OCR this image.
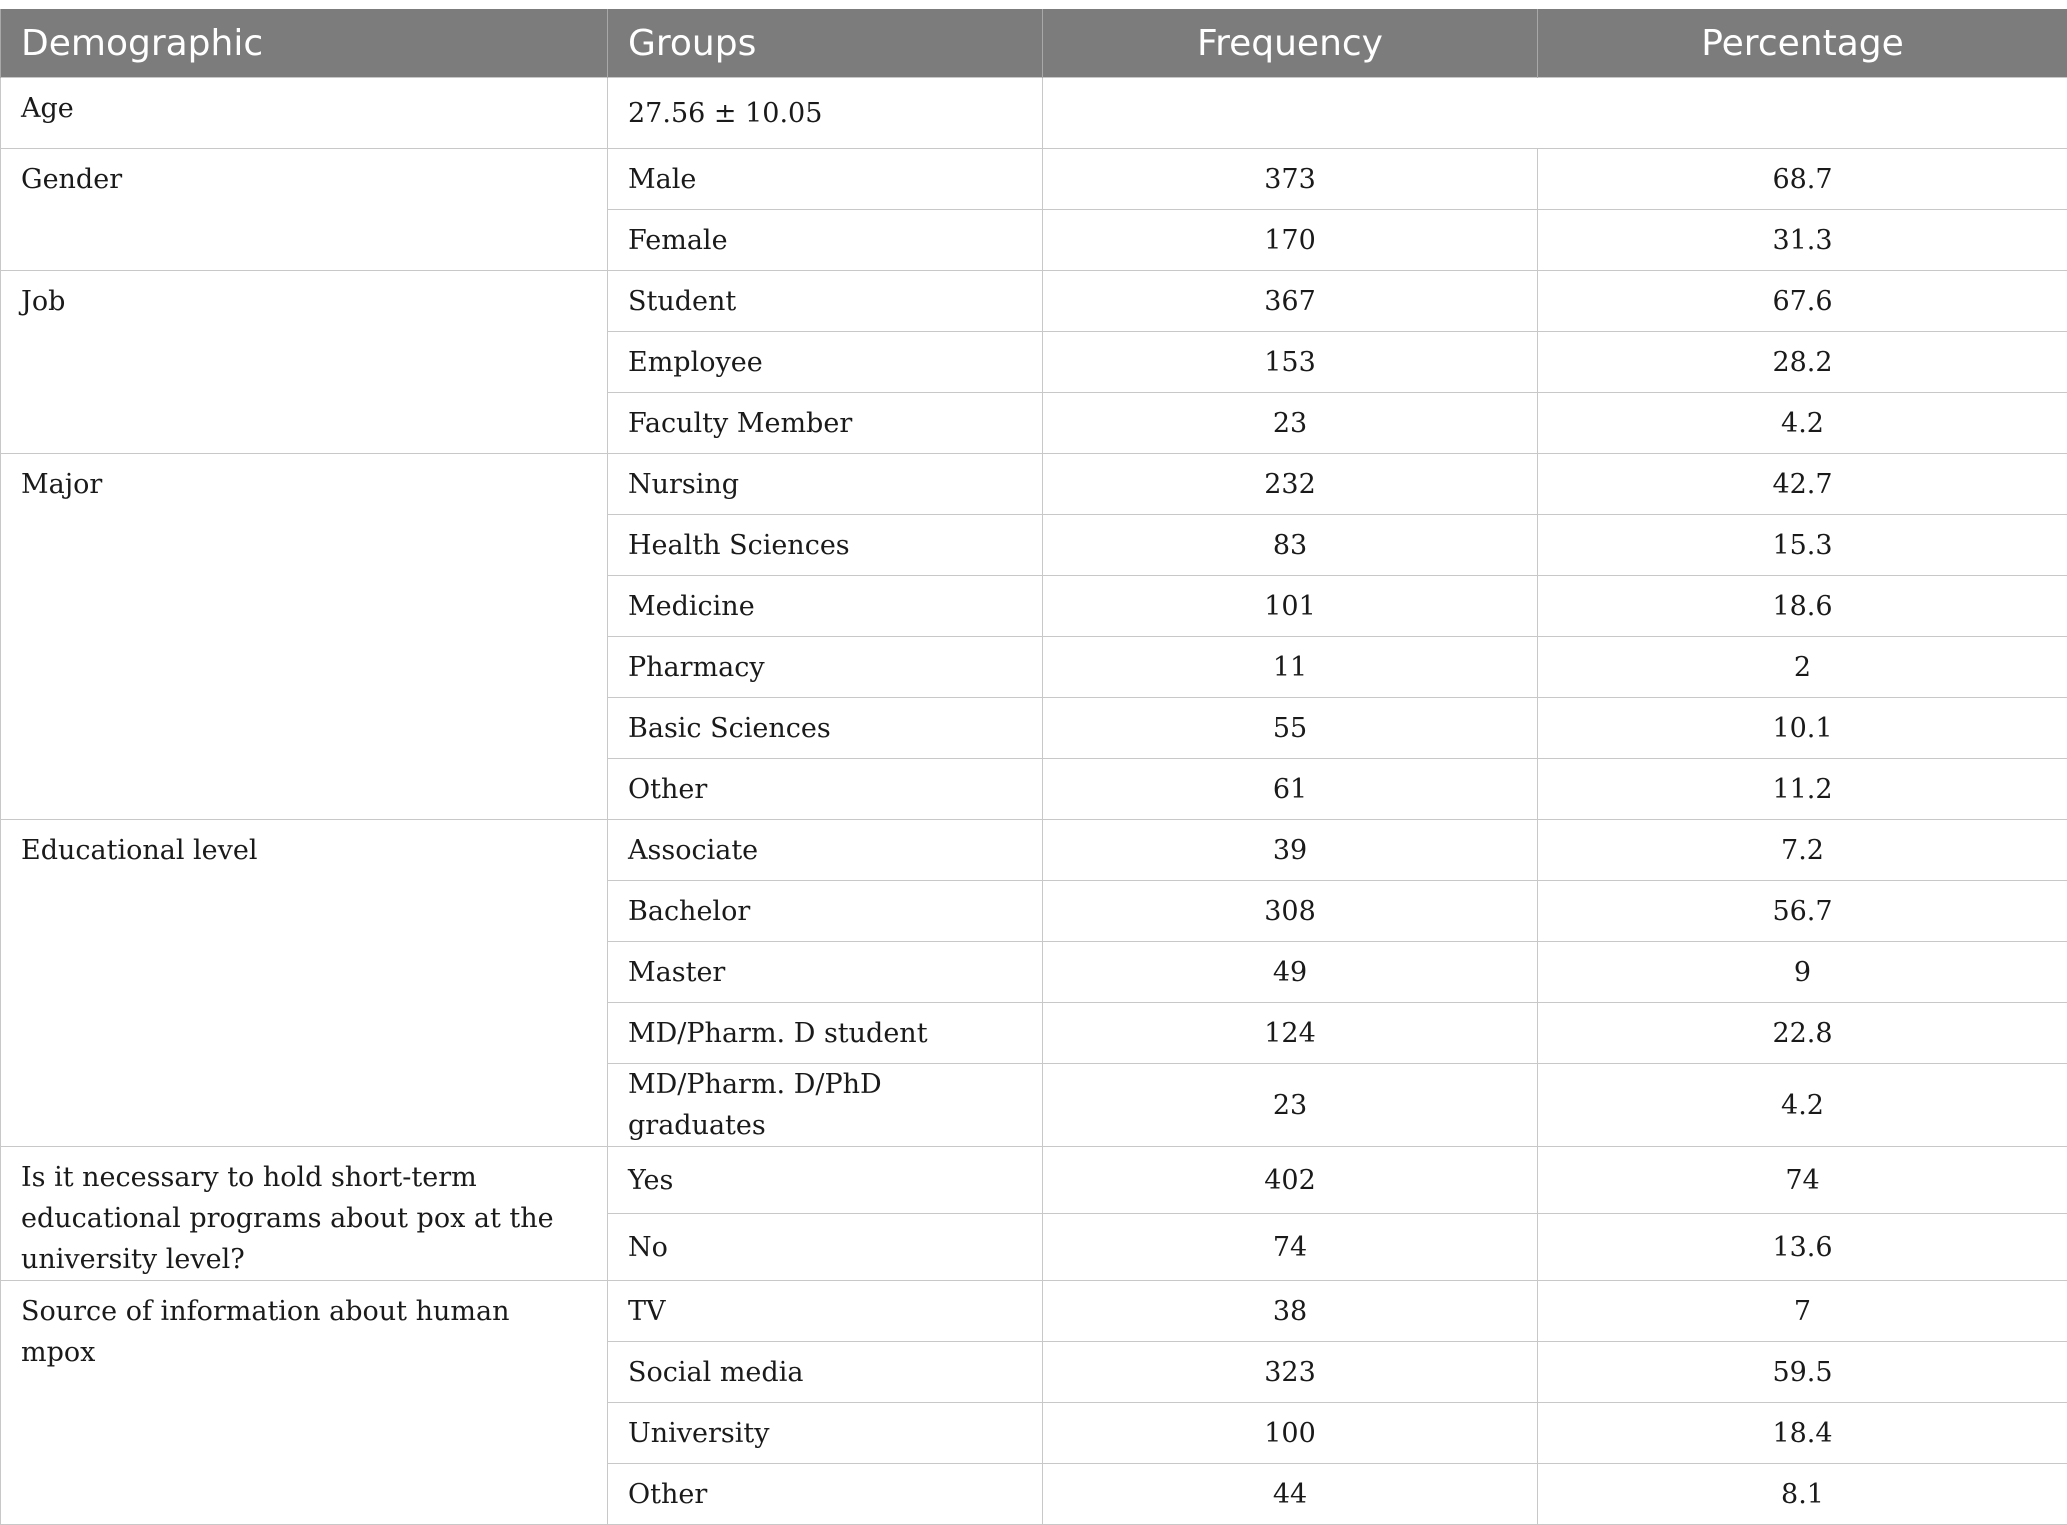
Demographic	Groups	Frequency	Percentage
Age	27.56 ± 10.05		
Gender	Male	373	68.7
	Female	170	31.3
Job	Student	367	67.6
	Employee	153	28.2
	Faculty Member	23	4.2
Major	Nursing	232	42.7
	Health Sciences	83	15.3
	Medicine	101	18.6
	Pharmacy	11	2
	Basic Sciences	55	10.1
	Other	61	11.2
Educational level	Associate	39	7.2
	Bachelor	308	56.7
	Master	49	9
	MD/Pharm. D student	124	22.8
	MD/Pharm. D/PhD graduates	23	4.2
Is it necessary to hold short-term educational programs about pox at the university level?	Yes	402	74
	No	74	13.6
Source of information about human mpox	TV	38	7
	Social media	323	59.5
	University	100	18.4
	Other	44	8.1
